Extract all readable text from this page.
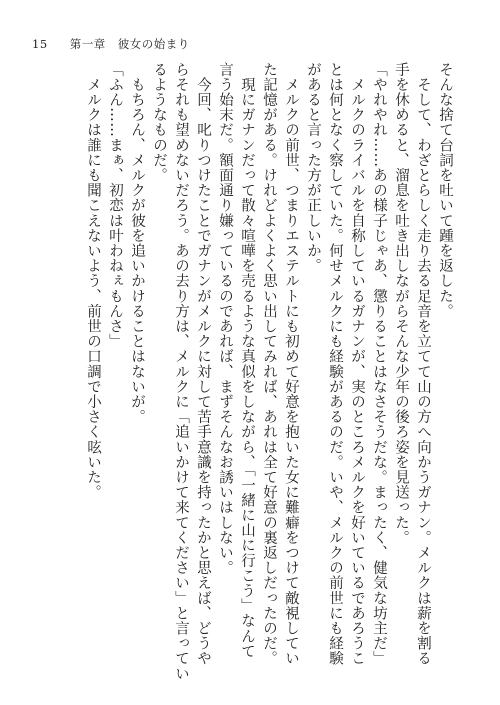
15 第一章　彼女の始まり
そんな捨て台詞を吐いて踵を返した。
　そして、わざとらしく走り去る足音を立てて山の方へ向かうガナン。メルクは薪を割る
手を休めると、溜息を吐き出しながらそんな少年の後ろ姿を見送った。
「やれやれ……あの様子じゃあ、懲りることはなさそうだな。まったく、健気な坊主だ」
　メルクのライバルを自称しているガナンが、実のところメルクを好いているであろうこ
とは何となく察していた。何せメルクにも経験があるのだ。いや、メルクの前世にも経験
があると言った方が正しいか。
　メルクの前世、つまりエステルトにも初めて好意を抱いた女に難癖をつけて敵視してい
た記憶がある。けれどよくよく思い出してみれば、あれは全て好意の裏返しだったのだ。
　現にガナンだって散々喧嘩を売るような真似をしながら、「一緒に山に行こう」なんて
言う始末だ。額面通り嫌っているのであれば、まずそんなお誘いはしない。
　今回、叱りつけたことでガナンがメルクに対して苦手意識を持ったかと思えば、どうや
らそれも望めないだろう。あの去り方は、メルクに「追いかけて来てください」と言ってい
るようなものだ。
　もちろん、メルクが彼を追いかけることはないが。
「ふん……まぁ、初恋は叶わねぇもんさ」
　メルクは誰にも聞こえないよう、前世の口調で小さく呟いた。
